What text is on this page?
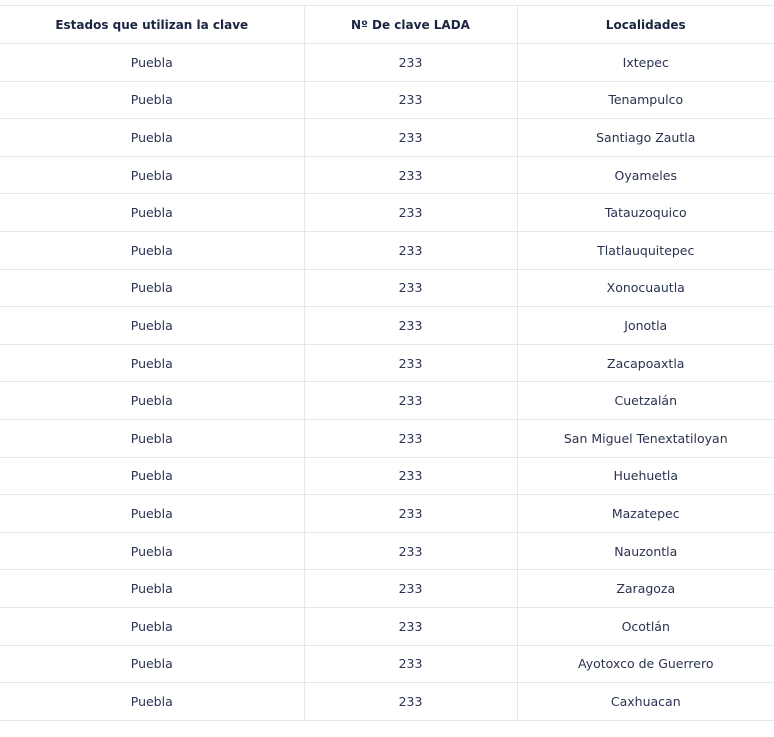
Estados que utilizan la clave	Nº De clave LADA	Localidades
Puebla	233	Ixtepec
Puebla	233	Tenampulco
Puebla	233	Santiago Zautla
Puebla	233	Oyameles
Puebla	233	Tatauzoquico
Puebla	233	Tlatlauquitepec
Puebla	233	Xonocuautla
Puebla	233	Jonotla
Puebla	233	Zacapoaxtla
Puebla	233	Cuetzalán
Puebla	233	San Miguel Tenextatiloyan
Puebla	233	Huehuetla
Puebla	233	Mazatepec
Puebla	233	Nauzontla
Puebla	233	Zaragoza
Puebla	233	Ocotlán
Puebla	233	Ayotoxco de Guerrero
Puebla	233	Caxhuacan
